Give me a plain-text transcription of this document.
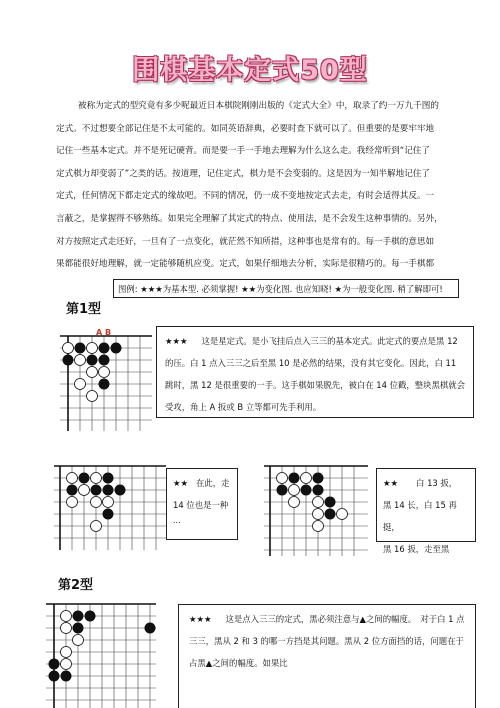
围棋基本定式50型
被称为定式的型究竟有多少呢最近日本棋院刚刚出版的《定式大全》中，取录了约一万九千图的
定式。不过想要全部记住是不太可能的。如同英语辞典，必要时查下就可以了。但重要的是要牢牢地
记住一些基本定式。并不是死记硬背。而是要一手一手地去理解为什么这么走。我经常听到“记住了
定式棋力却变弱了”之类的话。按道理，记住定式，棋力是不会变弱的。这是因为一知半解地记住了
定式，任何情况下都走定式的缘故吧。不同的情况，仍一成不变地按定式去走，有时会适得其反。一
言蔽之，是掌握得不够熟练。如果完全理解了其定式的特点、使用法，是不会发生这种事情的。另外，
对方按照定式走还好，一旦有了一点变化，就茫然不知所措，这种事也是常有的。每一手棋的意思如
果都能很好地理解，就一定能够随机应变。定式，如果仔细地去分析，实际是很精巧的。每一手棋都
图例: ★★★为基本型. 必须掌握! ★★为变化图. 也应知晓! ★为一般变化图. 稍了解即可!
第1型
A B
★★★ 这是星定式。是小飞挂后点入三三的基本定式。此定式的要点是黑 12 的压。白 1 点入三三之后至黑 10 是必然的结果，没有其它变化。因此，白 11 跳时，黑 12 是很重要的一手。这手棋如果脱先，被白在 14 位戳，整块黑棋就会受攻，角上 A 扳或 B 立等都可先手利用。
★★ 在此，走
14 位也是一种
...
★★ 白 13 扳，
黑 14 长，白 15 再挺，
黑 16 扳，走至黑
第2型
★★★ 这是点入三三的定式，黑必须注意与▲之间的幅度。　对于白 1 点三三，黑从 2 和 3 的哪一方挡是其问题。黑从 2 位方面挡的话，问题在于占黑▲之间的幅度。如果比
